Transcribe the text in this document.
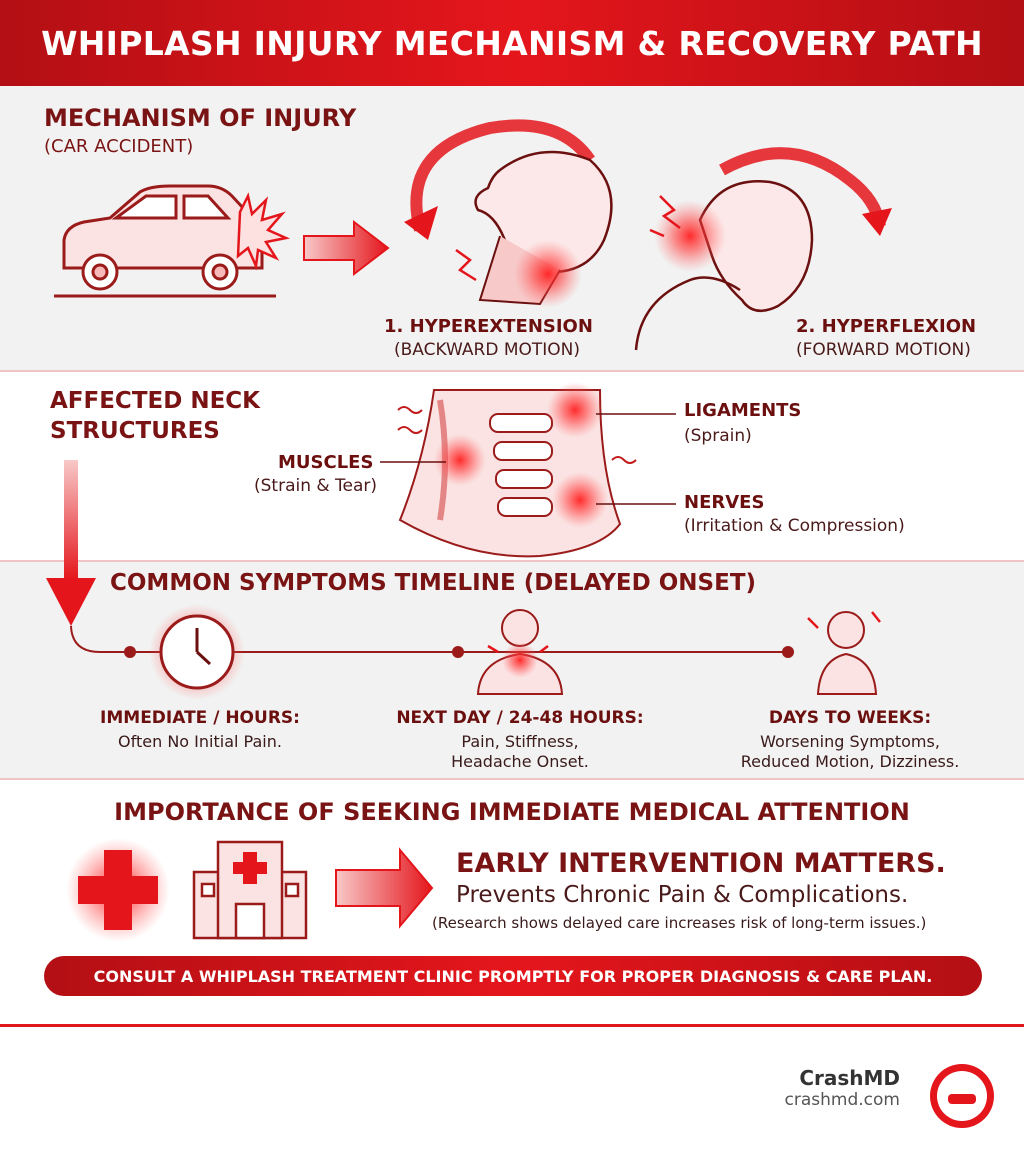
WHIPLASH INJURY MECHANISM & RECOVERY PATH
MECHANISM OF INJURY
(CAR ACCIDENT)
1. HYPEREXTENSION
(BACKWARD MOTION)
2. HYPERFLEXION
(FORWARD MOTION)
AFFECTED NECK
STRUCTURES
LIGAMENTS
(Sprain)
MUSCLES
(Strain & Tear)
NERVES
(Irritation & Compression)
COMMON SYMPTOMS TIMELINE (DELAYED ONSET)
IMMEDIATE / HOURS:
Often No Initial Pain.
NEXT DAY / 24-48 HOURS:
Pain, Stiffness,
Headache Onset.
DAYS TO WEEKS:
Worsening Symptoms,
Reduced Motion, Dizziness.
IMPORTANCE OF SEEKING IMMEDIATE MEDICAL ATTENTION
EARLY INTERVENTION MATTERS.
Prevents Chronic Pain & Complications.
(Research shows delayed care increases risk of long-term issues.)
CONSULT A WHIPLASH TREATMENT CLINIC PROMPTLY FOR PROPER DIAGNOSIS & CARE PLAN.
CrashMD
crashmd.com
